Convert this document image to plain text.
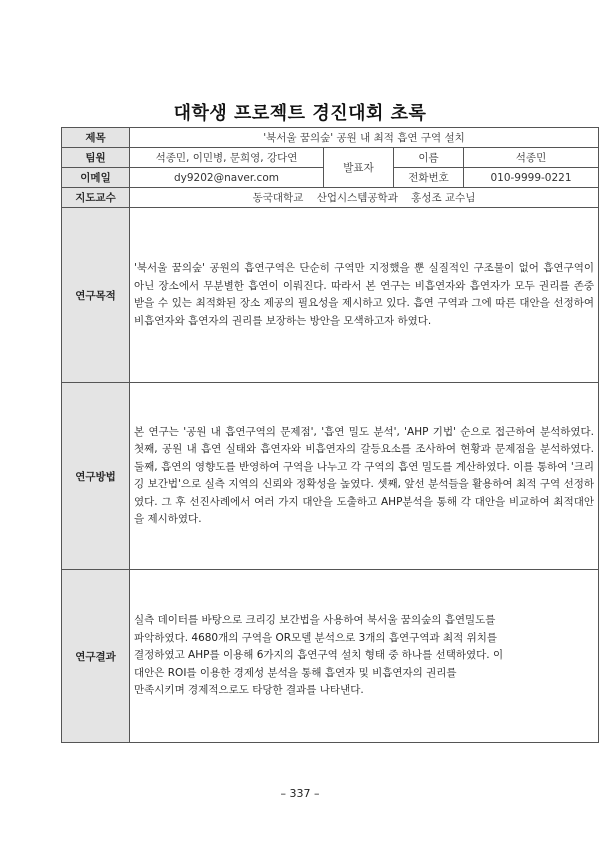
대학생 프로젝트 경진대회 초록
제목	'북서울 꿈의숲' 공원 내 최적 흡연 구역 설치			
팀원	석종민, 이민병, 문희영, 강다연	발표자	이름	석종민
이메일	dy9202@naver.com		전화번호	010-9999-0221
지도교수	동국대학교    산업시스템공학과    홍성조 교수님			
연구목적	'북서울 꿈의숲' 공원의 흡연구역은 단순히 구역만 지정했을 뿐 실질적인 구조물이 없어 흡연구역이 아닌 장소에서 무분별한 흡연이 이뤄진다. 따라서 본 연구는 비흡연자와 흡연자가 모두 권리를 존중 받을 수 있는 최적화된 장소 제공의 필요성을 제시하고 있다. 흡연 구역과 그에 따른 대안을 선정하여 비흡연자와 흡연자의 권리를 보장하는 방안을 모색하고자 하였다.			
연구방법	본 연구는 '공원 내 흡연구역의 문제점', '흡연 밀도 분석', 'AHP 기법' 순으로 접근하여 분석하였다. 첫째, 공원 내 흡연 실태와 흡연자와 비흡연자의 갈등요소를 조사하여 현황과 문제점을 분석하였다. 둘째, 흡연의 영향도를 반영하여 구역을 나누고 각 구역의 흡연 밀도를 계산하였다. 이를 통하여 '크리깅 보간법'으로 실측 지역의 신뢰와 정확성을 높였다. 셋째, 앞선 분석들을 활용하여 최적 구역 선정하였다. 그 후 선진사례에서 여러 가지 대안을 도출하고 AHP분석을 통해 각 대안을 비교하여 최적대안을 제시하였다.			
연구결과	실측 데이터를 바탕으로 크리깅 보간법을 사용하여 북서울 꿈의숲의 흡연밀도를
파악하였다. 4680개의 구역을 OR모델 분석으로 3개의 흡연구역과 최적 위치를
결정하였고 AHP를 이용해 6가지의 흡연구역 설치 형태 중 하나를 선택하였다. 이
대안은 ROI를 이용한 경제성 분석을 통해 흡연자 및 비흡연자의 권리를
만족시키며 경제적으로도 타당한 결과를 나타낸다.			
– 337 –
